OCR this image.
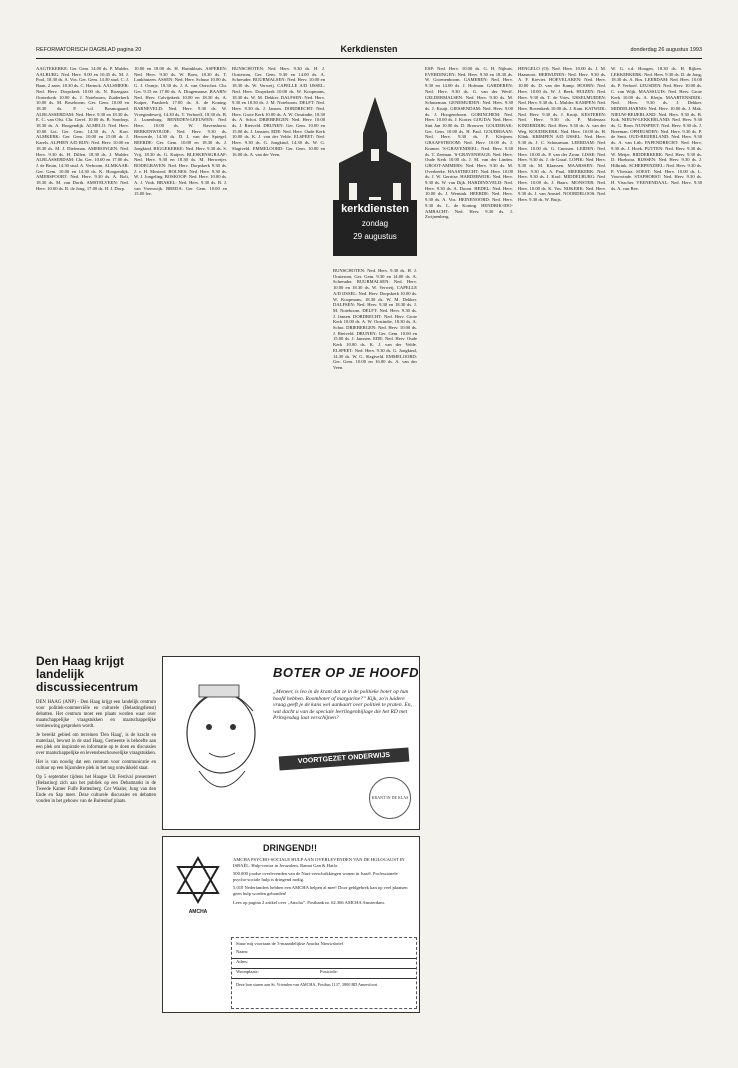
REFORMATORISCH DAGBLAD pagina 20	Kerkdiensten	donderdag 26 augustus 1993

AAGTEKERKE: Ger. Gem. 14.00 ds. P. Mulder. AALBURG: Ned. Herv. 9.00 en 10.45 ds. M. J. Pool, 18.30 ds. A. Vos. Ger. Gem. 14.30 stud. C. J. Baan, 2 aanv. 18.30 ds. C. Harinck. AALSMEER: Ned. Herv. Dorpskerk 10.00 ds. N. Rozegaar. Oosterkerk 10.00 ds. J. Noteboom, Zuiderkerk 10.00 ds. M. Roseboom. Ger. Gem. 10.00 en 18.30 ds. P. v.d. Bosmogaard. ALBLASSERDAM: Ned. Herv. 9.30 en 18.30 ds. E. C. van Olst. Chr. Geref. 10.00 ds. B. Sondorp, 18.30 ds. A. Hoogendijk. ALMELO: Ned. Herv. 10.00 Lot. Ger. Gem. 14.30 ds. A. Kort. ALMKERK: Ger. Gem. 10.00 en 15.00 dr. J. Karels. ALPHEN A/D RIJN: Ned. Herv. 10.00 en 18.30 ds. M. J. Dieleman. AMERONGEN: Ned. Herv. 9.30 ds. H. Dillen, 18.30 ds. J. Mulder. ALBLASSERDAM: Chr. Ger. 10.00 en 17.00 ds. J. de Bruin, 14.30 stud. A. Verboom. ALMKAAR: Ger. Gem. 10.00 en 14.30 ds. K. Hoogendijk. AMERSFOORT: Ned. Herv. 9.30 ds. A. Bolt, 18.30 ds. M. van Dorth. AMSTELVEEN: Ned. Herv. 10.00 ds. R. de Jong, 17.00 ds. H. J. Dorp.

10.00 en 18.00 ds. H. Harinkhuis. ASPEREN: Ned. Herv. 9.30 ds. W. Born, 18.30 ds. T. Lankhuizen. ASSEN: Ned. Herv. Schuur 10.00 ds. G. J. Oranje, 18.30 ds. J. A. van Oorschot. Chr. Ger. 9.15 en 17.00 ds. A. Dingemanse. BAARN: Ned. Herv. Calvijnkerk 10.00 en 18.30 ds. A. Kuiper, Paaskerk 17.00 ds. A. de Koning. BARNEVELD: Ned. Herv. 9.30 ds. W. Vroegindeweij, 14.30 ds. T. Verhoeff, 18.30 ds. B. J. Lunenburg. BENEDEN-LEEUWEN: Ned. Herv. 10.00 ds. W. Ravenshorst. BERKENWOUDE: Ned. Herv. 9.30 ds. Herwerde, 14.30 ds. D. J. van der Spiegel. BEERDE: Ger. Gem. 10.00 en 18.30 ds. J. Jongkind. BIGGEKERKE: Ned. Herv. 9.30 ds. S. Vrij, 18.30 ds. G. Kuijers. BLESKENSGRAAF: Ned. Herv. 9.30 en 18.30 ds. M. Herweijer. BODEGRAVEN: Ned. Herv. Dorpskerk 9.30 ds. J. v. H. Mosterd. BOLNES: Ned. Herv. 9.30 ds. W. J. Jongeling. BOSKOOP: Ned. Herv. 10.00 ds. A. J. Vink. BRAKEL: Ned. Herv. 9.30 ds. B. J. van Vreeswijk. BREDA: Ger. Gem. 10.00 en 15.00 lez.

BUNSCHOTEN: Ned. Herv. 9.30 ds. H. J. Oosterom, Ger. Gem. 9.30 en 14.00 ds. A. Schreuder. BUURMALSEN: Ned. Herv. 10.00 en 18.30 ds. W. Verweij. CAPELLE A/D IJSSEL: Ned. Herv. Dorpskerk 10.00 ds. W. Koopmans, 18.30 ds. W. M. Dekker. DALFSEN: Ned. Herv. 9.30 en 18.30 ds. J. M. Noteboom. DELFT: Ned. Herv. 9.30 ds. J. Jansen. DORDRECHT: Ned. Herv. Grote Kerk 10.00 ds. A. W. Oostindie, 18.30 ds. A. Schot. DRIEBERGEN: Ned. Herv. 10.00 ds. J. Rietveld. DRUNEN: Ger. Gem. 10.00 en 15.00 ds. J. Janssen. EDE: Ned. Herv. Oude Kerk 10.00 ds. K. J. van der Velde. ELSPEET: Ned. Herv. 9.30 ds. G. Jongkind, 14.30 ds. W. G. Slagtveld. EMMELOORD: Ger. Gem. 10.00 en 16.00 ds. A. van der Veen.

kerkdiensten
zondag
29 augustus

BUNSCHOTEN: Ned. Herv. 9.30 ds. H. J. Oosterom, Ger. Gem. 9.30 en 14.00 ds. A. Schreuder. BUURMALSEN: Ned. Herv. 10.00 en 18.30 ds. W. Verweij. CAPELLE A/D IJSSEL: Ned. Herv. Dorpskerk 10.00 ds. W. Koopmans, 18.30 ds. W. M. Dekker. DALFSEN: Ned. Herv. 9.30 en 18.30 ds. J. M. Noteboom. DELFT: Ned. Herv. 9.30 ds. J. Jansen. DORDRECHT: Ned. Herv. Grote Kerk 10.00 ds. A. W. Oostindie, 18.30 ds. A. Schot. DRIEBERGEN: Ned. Herv. 10.00 ds. J. Rietveld. DRUNEN: Ger. Gem. 10.00 en 15.00 ds. J. Janssen. EDE: Ned. Herv. Oude Kerk 10.00 ds. K. J. van der Velde. ELSPEET: Ned. Herv. 9.30 ds. G. Jongkind, 14.30 ds. W. G. Slagtveld. EMMELOORD: Ger. Gem. 10.00 en 16.00 ds. A. van der Veen.

ESP: Ned. Herv. 10.00 ds. G. H. Nijhuis. EVERDINGEN: Ned. Herv. 9.30 en 18.30 ds. W. Groenenboom. GAMEREN: Ned. Herv. 9.30 en 14.00 ds. J. Hofman. GARDEREN: Ned. Herv. 9.30 ds. G. van der Werff. GELDERMALSEN: Ned. Herv. 9.30 ds. M. Schuurman. GENEMUIDEN: Ned. Herv. 9.30 ds. J. Kruijt. GIESSENDAM: Ned. Herv. 9.00 ds. J. Hoogendoorn. GORINCHEM: Ned. Herv. 10.00 ds. J. Koster. GOUDA: Ned. Herv. Sint Jan 10.00 ds. D. Brouwer. GOUDERAK: Ger. Gem. 10.00 ds. H. Paul. GOUDRIAAN: Ned. Herv. 9.30 ds. F. Kleijnen. GRAAFSTROOM: Ned. Herv. 10.00 ds. J. Kramer. 'S-GRAVENDEEL: Ned. Herv. 9.30 ds. T. Zeeman. 'S-GRAVENHAGE: Ned. Herv. Oude Kerk 10.00 ds. J. M. van der Linden. GROOT-AMMERS: Ned. Herv. 9.30 ds. M. Overbeeke. HAASTRECHT: Ned. Herv. 10.00 ds. J. W. Gerritse. HARDERWIJK: Ned. Herv. 9.30 ds. W. van Dijk. HARDINXVELD: Ned. Herv. 9.30 ds. A. Doorn. HEDEL: Ned. Herv. 10.00 ds. J. Wentink. HEERDE: Ned. Herv. 9.30 ds. A. Vos. HEINENOORD: Ned. Herv. 9.30 ds. L. de Koning. HENDRIK-IDO-AMBACHT: Ned. Herv. 9.30 ds. J. Zwijnenberg.

HENGELO (O): Ned. Herv. 10.00 ds. J. M. Haasnoot. HERWIJNEN: Ned. Herv. 9.30 ds. A. F. Kieviet. HOEVELAKEN: Ned. Herv. 10.00 ds. D. van der Kamp. HOORN: Ned. Herv. 10.00 ds. W. J. Beek. HUIZEN: Ned. Herv. 9.30 ds. T. de Vries. IJSSELMUIDEN: Ned. Herv. 9.30 ds. L. Mulder. KAMPEN: Ned. Herv. Bovenkerk 10.00 ds. J. Kam. KATWIJK: Ned. Herv. 9.30 ds. J. Kruijt. KESTEREN: Ned. Herv. 9.30 ds. P. Molenaar. KINDERDIJK: Ned. Herv. 9.30 ds. A. van der Weg. KOUDEKERK: Ned. Herv. 10.00 ds. H. Klink. KRIMPEN A/D IJSSEL: Ned. Herv. 9.30 ds. J. C. Schuurman. LEERDAM: Ned. Herv. 10.00 ds. G. Cnossen. LEIDEN: Ned. Herv. 10.00 ds. P. van der Zwan. LISSE: Ned. Herv. 9.30 ds. J. de Graaf. LOPIK: Ned. Herv. 9.30 ds. M. Klaassen. MAARSSEN: Ned. Herv. 9.30 ds. A. Paul. MEERKERK: Ned. Herv. 9.30 ds. J. Kool. MIDDELBURG: Ned. Herv. 10.00 ds. J. Baars. MONSTER: Ned. Herv. 10.00 ds. K. Vos. NIJKERK: Ned. Herv. 9.30 ds. J. van Amstel. NOORDELOOS: Ned. Herv. 9.30 ds. W. Buijs.

W. G. v.d. Hoogen, 18.30 ds. H. Rijken. LEKKERKERK: Ned. Herv. 9.30 ds. D. de Jong, 18.30 ds. A. Bos. LEERDAM: Ned. Herv. 10.00 ds. P. Verhoef. LEUSDEN: Ned. Herv. 10.00 ds. C. van Wijk. MAASSLUIS: Ned. Herv. Grote Kerk 10.00 ds. A. Kleijn. MAARTENSDIJK: Ned. Herv. 9.30 ds. J. Dekker. MIDDELHARNIS: Ned. Herv. 10.00 ds. J. Mak. NIEUW-BEIJERLAND: Ned. Herv. 9.30 ds. B. Kok. NIEUW-LEKKERLAND: Ned. Herv. 9.30 ds. G. Born. NUNSPEET: Ned. Herv. 9.30 ds. J. Breeman. OPHEUSDEN: Ned. Herv. 9.30 ds. P. de Smit. OUD-BEIJERLAND: Ned. Herv. 9.30 ds. A. van Lith. PAPENDRECHT: Ned. Herv. 9.30 ds. J. Hoek. PUTTEN: Ned. Herv. 9.30 ds. W. Meijer. RIDDERKERK: Ned. Herv. 9.30 ds. D. Hoekstra. RIJSSEN: Ned. Herv. 9.30 ds. J. Hilbrink. SCHERPENZEEL: Ned. Herv. 9.30 ds. P. Vlietstra. SOEST: Ned. Herv. 10.00 ds. L. Voorwinde. STAPHORST: Ned. Herv. 9.30 ds. H. Visscher. VEENENDAAL: Ned. Herv. 9.30 ds. A. van Ree.

Den Haag krijgt landelijk discussiecentrum

DEN HAAG (ANP) - Den Haag krijgt een landelijk centrum voor politiek-commerciële en culturele (Belastingdienst) debatten. Het centrum moet een plaats worden waar over maatschappelijke vraagstukken en maatschappelijke vernieuwing gesproken wordt.

Je bereikt gebied om terreinen 'Den Haag', is de kracht en materiaal, bewust in de stad Haag. Gemeente is behoefte aan een plek om inspiratie en informatie op te doen en discussies over maatschappelijke en levensbeschouwelijke vraagstukken.

Het is van noodig dat een centrum voor communicatie en cultuur op een bijzondere plek in het nog ontwikkeld staat.

Op 5 september tijdens het Haagse Uit Festival presenteert (Belastinq) zich aan het publiek op een Debatmarkt in de Tweede Kamer Fulfe Rottenberg. Cor Waaler, Jung van den Ende en Sap meer. Deze culturele discussies en debatten vonden in het gebouw van de Buitenhof plaats.

BOTER OP JE HOOFD
„Meneer, is leo in de krant dat ze in de politieke boter op hun hoofd hebben. Roomboter of margarine?” Kijk, zo'n luidere vraag geeft je de kans wel aankaart over politiek te praten. En, wat dacht u van de speciale leerlingenbijlage die het RD met Prinsjesdag laat verschijnen?
VOORTGEZET ONDERWIJS
KRANT IN DE KLAS
DRINGEND!!
AMCHA

AMCHA PSYCHO-SOCIALE HULP AAN OVERLEVENDEN VAN DE HOLOCAUST IN ISRAËL. Hulp-centra in Jeruzalem, Ramat Gan & Haifa.

500.000 joodse overlevenden van de Nazi-verschrikkingen wonen in Israël. Professionele psycho-sociale hulp is dringend nodig.

5.010 Nederlanders hebben een AMCHA helpen al mee! Door geldgebrek kan op veel plaatsen geen hulp worden gebonden!

Lees op pagina 2 artikel over „Amcha”. Postbank nr. 62.366 AMCHA Amsterdam.

Stuur mij voortaan de 3-maandelijkse Amcha Nieuwsbrief
Naam:
Adres:
Woonplaats:	Postcode:
Deze bon sturen aan St. Vrienden van AMCHA, Postbus 1137, 3800 BD Amersfoort
